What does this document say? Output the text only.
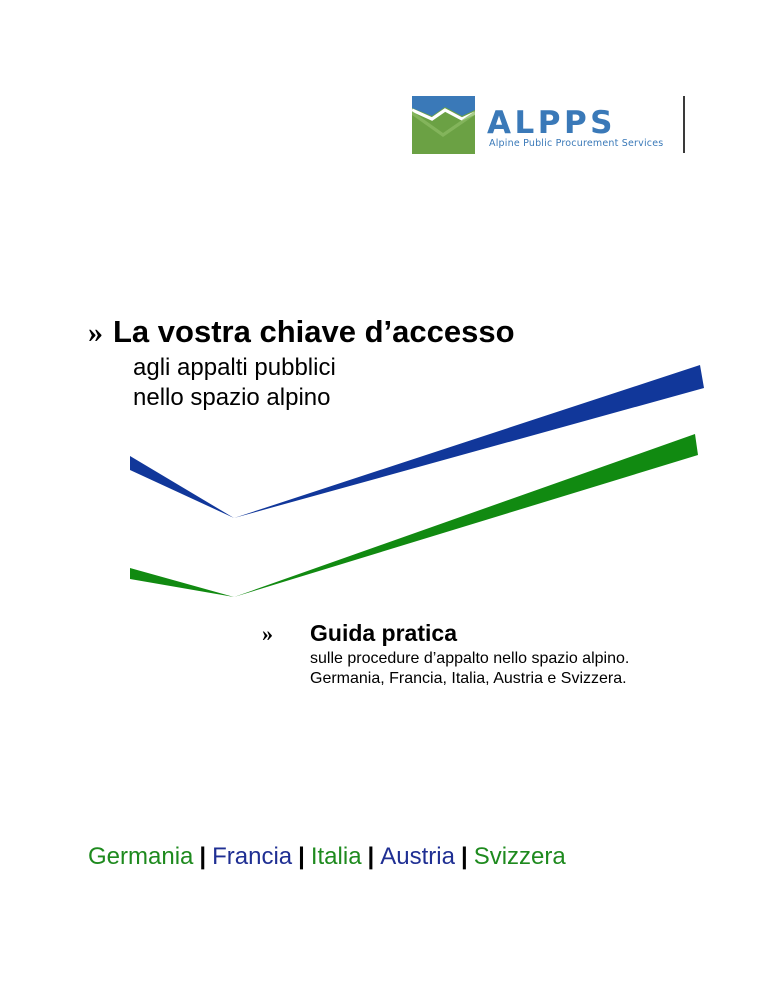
ALPPS
Alpine Public Procurement Services
» La vostra chiave d’accesso
agli appalti pubblici
nello spazio alpino
» Guida pratica
sulle procedure d’appalto nello spazio alpino. Germania, Francia, Italia, Austria e Svizzera.
Germania | Francia | Italia | Austria | Svizzera
